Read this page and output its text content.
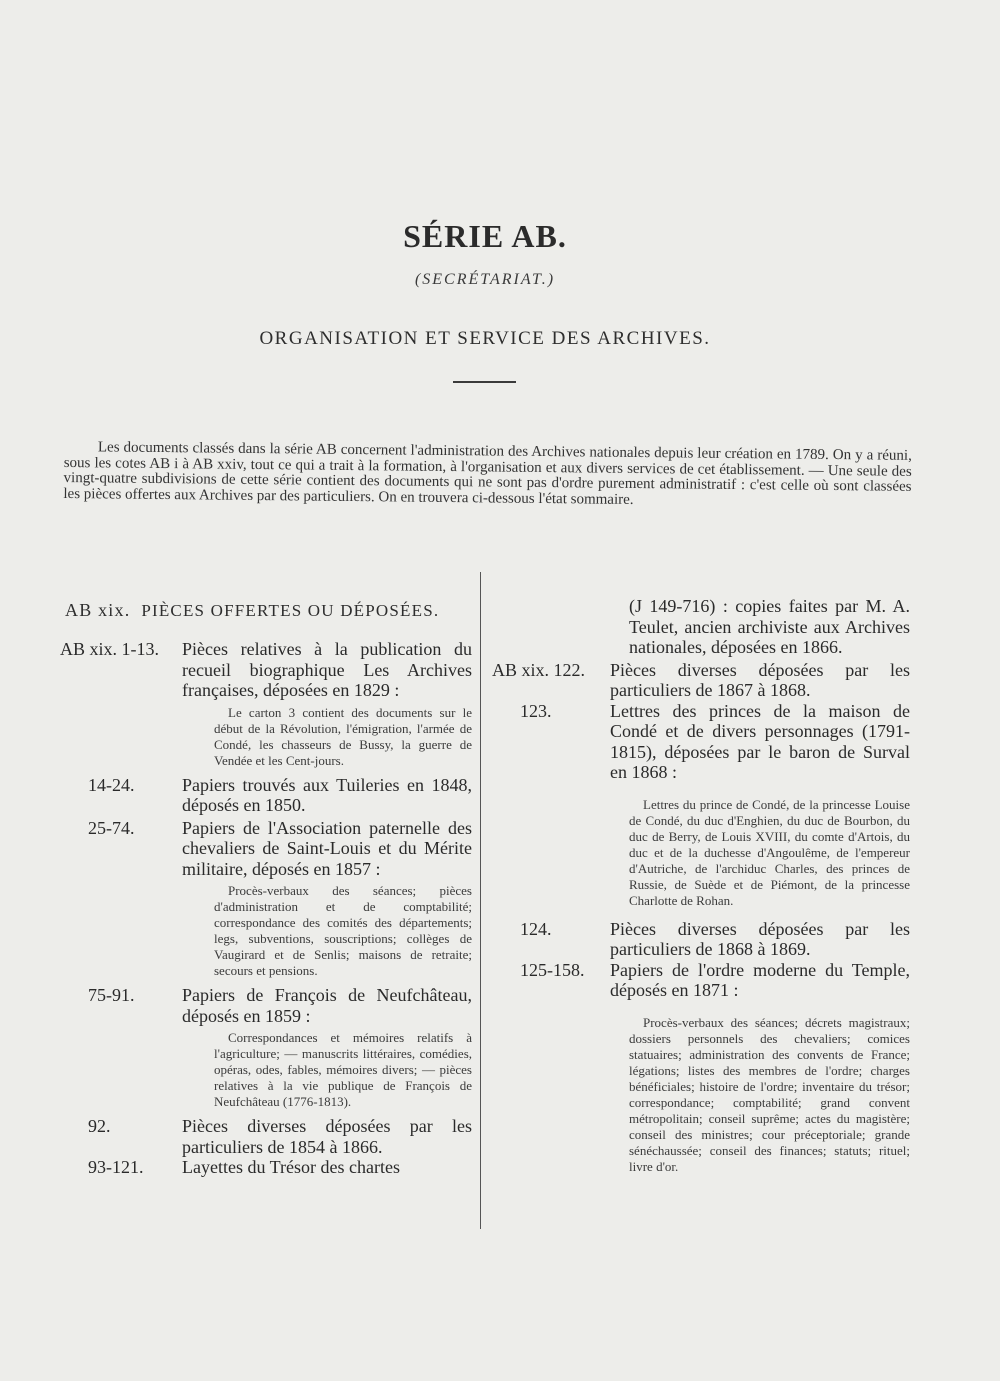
SÉRIE AB.
(SECRÉTARIAT.)
ORGANISATION ET SERVICE DES ARCHIVES.
Les documents classés dans la série AB concernent l'administration des Archives nationales depuis leur création en 1789. On y a réuni, sous les cotes AB i à AB xxiv, tout ce qui a trait à la formation, à l'organisation et aux divers services de cet établissement. — Une seule des vingt-quatre subdivisions de cette série contient des documents qui ne sont pas d'ordre purement administratif : c'est celle où sont classées les pièces offertes aux Archives par des particuliers. On en trouvera ci-dessous l'état sommaire.
AB xix. PIÈCES OFFERTES OU DÉPOSÉES.
AB xix. 1-13.	Pièces relatives à la publication du recueil biographique Les Archives françaises, déposées en 1829 :
Le carton 3 contient des documents sur le début de la Révolution, l'émigration, l'armée de Condé, les chasseurs de Bussy, la guerre de Vendée et les Cent-jours.
14-24.	Papiers trouvés aux Tuileries en 1848, déposés en 1850.
25-74.	Papiers de l'Association paternelle des chevaliers de Saint-Louis et du Mérite militaire, déposés en 1857 :
Procès-verbaux des séances; pièces d'administration et de comptabilité; correspondance des comités des départements; legs, subventions, souscriptions; collèges de Vaugirard et de Senlis; maisons de retraite; secours et pensions.
75-91.	Papiers de François de Neufchâteau, déposés en 1859 :
Correspondances et mémoires relatifs à l'agriculture; — manuscrits littéraires, comédies, opéras, odes, fables, mémoires divers; — pièces relatives à la vie publique de François de Neufchâteau (1776-1813).
92.	Pièces diverses déposées par les particuliers de 1854 à 1866.
93-121.	Layettes du Trésor des chartes
(J 149-716) : copies faites par M. A. Teulet, ancien archiviste aux Archives nationales, déposées en 1866.
AB xix. 122.	Pièces diverses déposées par les particuliers de 1867 à 1868.
123.	Lettres des princes de la maison de Condé et de divers personnages (1791-1815), déposées par le baron de Surval en 1868 :
Lettres du prince de Condé, de la princesse Louise de Condé, du duc d'Enghien, du duc de Bourbon, du duc de Berry, de Louis XVIII, du comte d'Artois, du duc et de la duchesse d'Angoulême, de l'empereur d'Autriche, de l'archiduc Charles, des princes de Russie, de Suède et de Piémont, de la princesse Charlotte de Rohan.
124.	Pièces diverses déposées par les particuliers de 1868 à 1869.
125-158.	Papiers de l'ordre moderne du Temple, déposés en 1871 :
Procès-verbaux des séances; décrets magistraux; dossiers personnels des chevaliers; comices statuaires; administration des convents de France; légations; listes des membres de l'ordre; charges bénéficiales; histoire de l'ordre; inventaire du trésor; correspondance; comptabilité; grand convent métropolitain; conseil suprême; actes du magistère; conseil des ministres; cour préceptoriale; grande sénéchaussée; conseil des finances; statuts; rituel; livre d'or.
